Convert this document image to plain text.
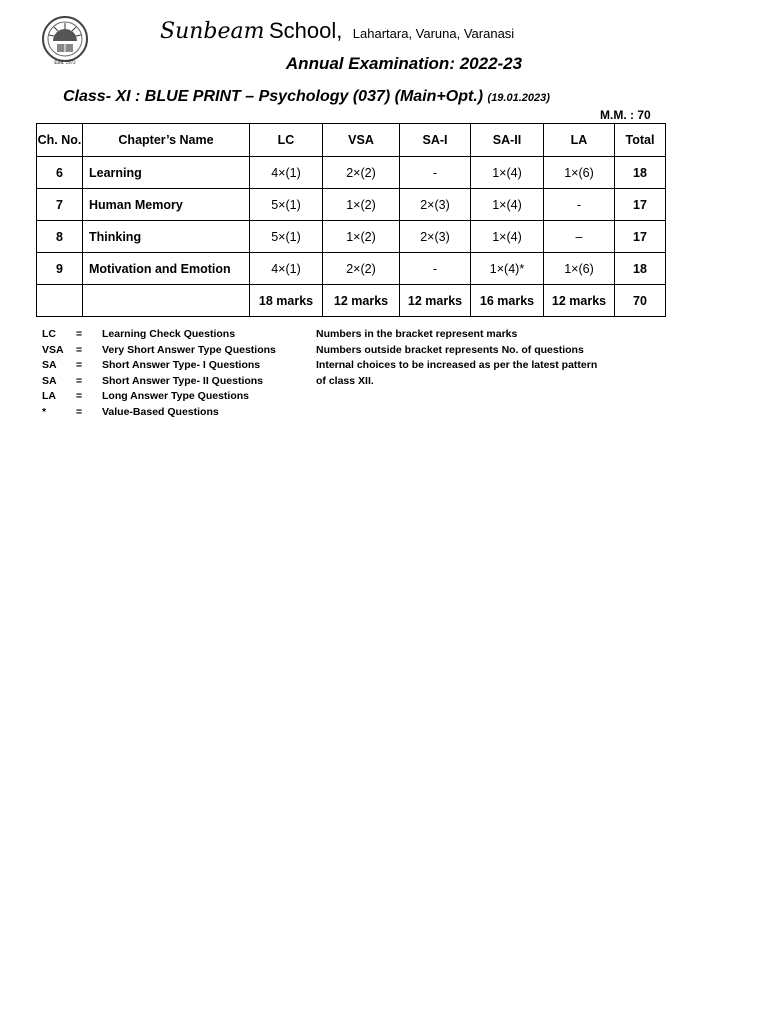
Estd. 1972
Sunbeam School, Lahartara, Varuna, Varanasi
Annual Examination: 2022-23
Class- XI : BLUE PRINT – Psychology (037) (Main+Opt.) (19.01.2023)
M.M. : 70
Ch. No.	Chapter’s Name	LC	VSA	SA-I	SA-II	LA	Total
6	Learning	4×(1)	2×(2)	-	1×(4)	1×(6)	18
7	Human Memory	5×(1)	1×(2)	2×(3)	1×(4)	-	17
8	Thinking	5×(1)	1×(2)	2×(3)	1×(4)	–	17
9	Motivation and Emotion	4×(1)	2×(2)	-	1×(4)*	1×(6)	18
		18 marks	12 marks	12 marks	16 marks	12 marks	70
LC = Learning Check Questions
VSA = Very Short Answer Type Questions
SA = Short Answer Type- I Questions
SA = Short Answer Type- II Questions
LA = Long Answer Type Questions
*	= Value-Based Questions
Numbers in the bracket represent marks
Numbers outside bracket represents No. of questions
Internal choices to be increased as per the latest pattern
of class XII.
